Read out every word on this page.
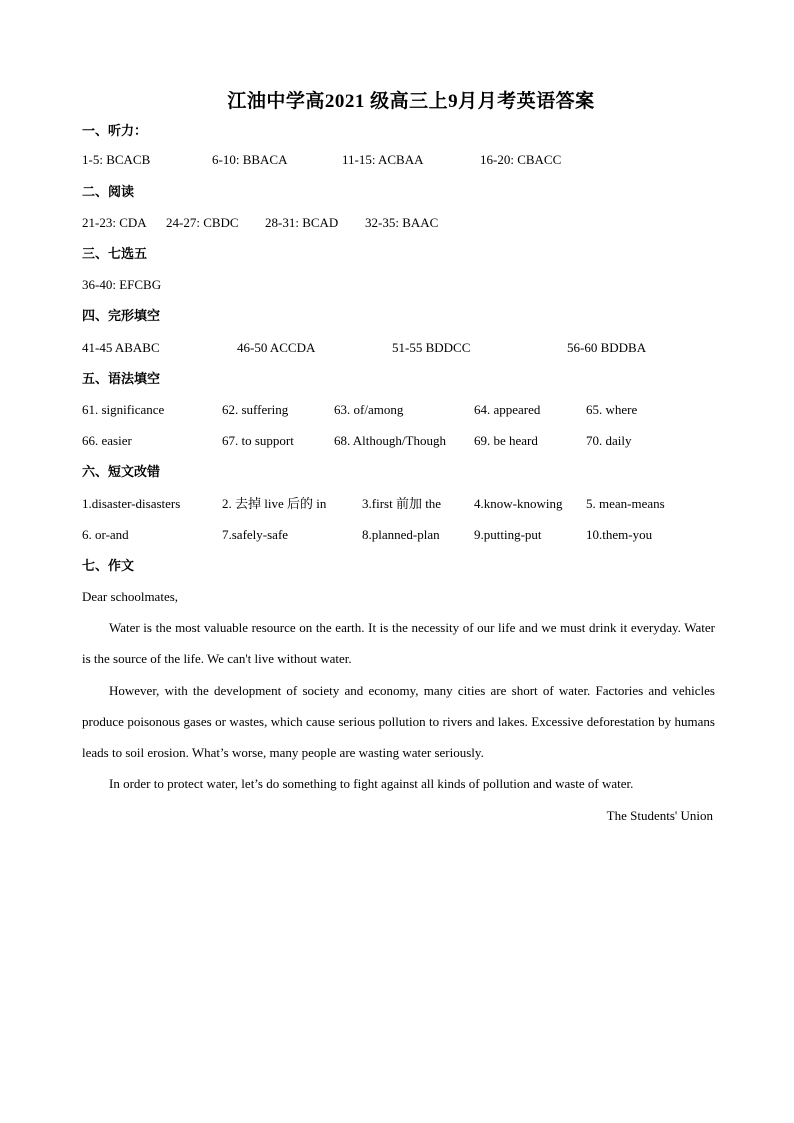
江油中学高2021 级高三上9月月考英语答案
一、听力：
1-5: BCACB	6-10: BBACA	11-15: ACBAA	16-20: CBACC
二、阅读
21-23: CDA 24-27: CBDC 28-31: BCAD 32-35: BAAC
三、七选五
36-40: EFCBG
四、完形填空
41-45 ABABC	46-50 ACCDA	51-55 BDDCC	56-60 BDDBA
五、语法填空
61. significance	62. suffering	63. of/among	64. appeared	65. where
66. easier	67. to support	68. Although/Though 69. be heard	70. daily
六、短文改错
1.disaster-disasters	2. 去掉 live 后的 in	3.first 前加 the	4.know-knowing 5. mean-means
6. or-and	7.safely-safe	8.planned-plan	9.putting-put	10.them-you
七、作文
Dear schoolmates,
Water is the most valuable resource on the earth. It is the necessity of our life and we must drink it everyday. Water is the source of the life. We can't live without water.
However, with the development of society and economy, many cities are short of water. Factories and vehicles produce poisonous gases or wastes, which cause serious pollution to rivers and lakes. Excessive deforestation by humans leads to soil erosion. What’s worse, many people are wasting water seriously.
In order to protect water, let’s do something to fight against all kinds of pollution and waste of water.
The Students' Union
